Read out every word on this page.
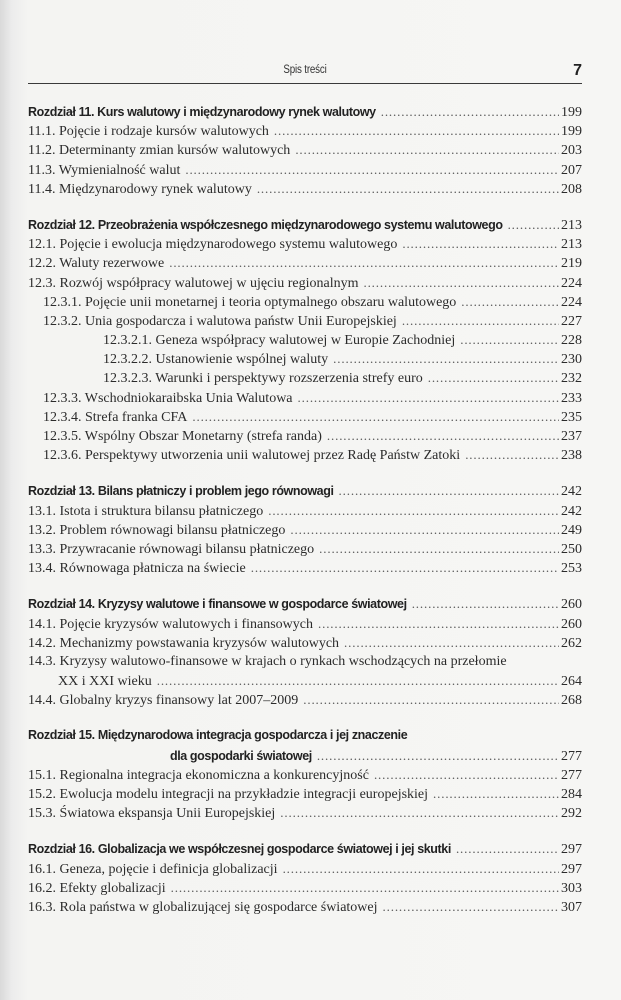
Spis treści	7
Rozdział 11. Kurs walutowy i międzynarodowy rynek walutowy . . .	199
11.1. Pojęcie i rodzaje kursów walutowych . . .	199
11.2. Determinanty zmian kursów walutowych . . .	203
11.3. Wymienialność walut . . .	207
11.4. Międzynarodowy rynek walutowy . . .	208
Rozdział 12. Przeobrażenia współczesnego międzynarodowego systemu walutowego . . .	213
12.1. Pojęcie i ewolucja międzynarodowego systemu walutowego . . .	213
12.2. Waluty rezerwowe . . .	219
12.3. Rozwój współpracy walutowej w ujęciu regionalnym . . .	224
12.3.1. Pojęcie unii monetarnej i teoria optymalnego obszaru walutowego . . .	224
12.3.2. Unia gospodarcza i walutowa państw Unii Europejskiej . . .	227
12.3.2.1. Geneza współpracy walutowej w Europie Zachodniej . . .	228
12.3.2.2. Ustanowienie wspólnej waluty . . .	230
12.3.2.3. Warunki i perspektywy rozszerzenia strefy euro . . .	232
12.3.3. Wschodniokaraibska Unia Walutowa . . .	233
12.3.4. Strefa franka CFA . . .	235
12.3.5. Wspólny Obszar Monetarny (strefa randa) . . .	237
12.3.6. Perspektywy utworzenia unii walutowej przez Radę Państw Zatoki . . .	238
Rozdział 13. Bilans płatniczy i problem jego równowagi . . .	242
13.1. Istota i struktura bilansu płatniczego . . .	242
13.2. Problem równowagi bilansu płatniczego . . .	249
13.3. Przywracanie równowagi bilansu płatniczego . . .	250
13.4. Równowaga płatnicza na świecie . . .	253
Rozdział 14. Kryzysy walutowe i finansowe w gospodarce światowej . . .	260
14.1. Pojęcie kryzysów walutowych i finansowych . . .	260
14.2. Mechanizmy powstawania kryzysów walutowych . . .	262
14.3. Kryzysy walutowo-finansowe w krajach o rynkach wschodzących na przełomie
XX i XXI wieku . . .	264
14.4. Globalny kryzys finansowy lat 2007–2009 . . .	268
Rozdział 15. Międzynarodowa integracja gospodarcza i jej znaczenie
dla gospodarki światowej . . .	277
15.1. Regionalna integracja ekonomiczna a konkurencyjność . . .	277
15.2. Ewolucja modelu integracji na przykładzie integracji europejskiej . . .	284
15.3. Światowa ekspansja Unii Europejskiej . . .	292
Rozdział 16. Globalizacja we współczesnej gospodarce światowej i jej skutki . . .	297
16.1. Geneza, pojęcie i definicja globalizacji . . .	297
16.2. Efekty globalizacji . . .	303
16.3. Rola państwa w globalizującej się gospodarce światowej . . .	307
